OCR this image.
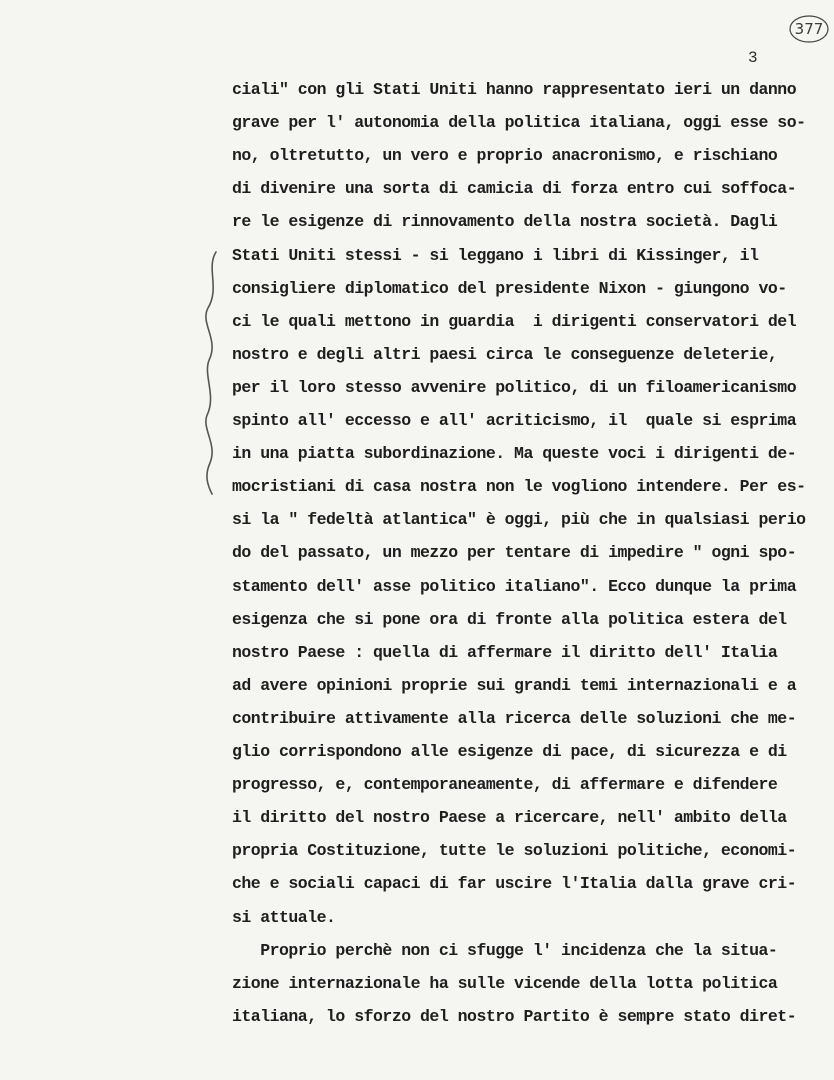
377
3
ciali" con gli Stati Uniti hanno rappresentato ieri un danno
grave per l' autonomia della politica italiana, oggi esse so-
no, oltretutto, un vero e proprio anacronismo, e rischiano
di divenire una sorta di camicia di forza entro cui soffoca-
re le esigenze di rinnovamento della nostra società. Dagli
Stati Uniti stessi - si leggano i libri di Kissinger, il
consigliere diplomatico del presidente Nixon - giungono vo-
ci le quali mettono in guardia  i dirigenti conservatori del
nostro e degli altri paesi circa le conseguenze deleterie,
per il loro stesso avvenire politico, di un filoamericanismo
spinto all' eccesso e all' acriticismo, il  quale si esprima
in una piatta subordinazione. Ma queste voci i dirigenti de-
mocristiani di casa nostra non le vogliono intendere. Per es-
si la " fedeltà atlantica" è oggi, più che in qualsiasi perio
do del passato, un mezzo per tentare di impedire " ogni spo-
stamento dell' asse politico italiano". Ecco dunque la prima
esigenza che si pone ora di fronte alla politica estera del
nostro Paese : quella di affermare il diritto dell' Italia
ad avere opinioni proprie sui grandi temi internazionali e a
contribuire attivamente alla ricerca delle soluzioni che me-
glio corrispondono alle esigenze di pace, di sicurezza e di
progresso, e, contemporaneamente, di affermare e difendere
il diritto del nostro Paese a ricercare, nell' ambito della
propria Costituzione, tutte le soluzioni politiche, economi-
che e sociali capaci di far uscire l'Italia dalla grave cri-
si attuale.
Proprio perchè non ci sfugge l' incidenza che la situa-
zione internazionale ha sulle vicende della lotta politica
italiana, lo sforzo del nostro Partito è sempre stato diret-
